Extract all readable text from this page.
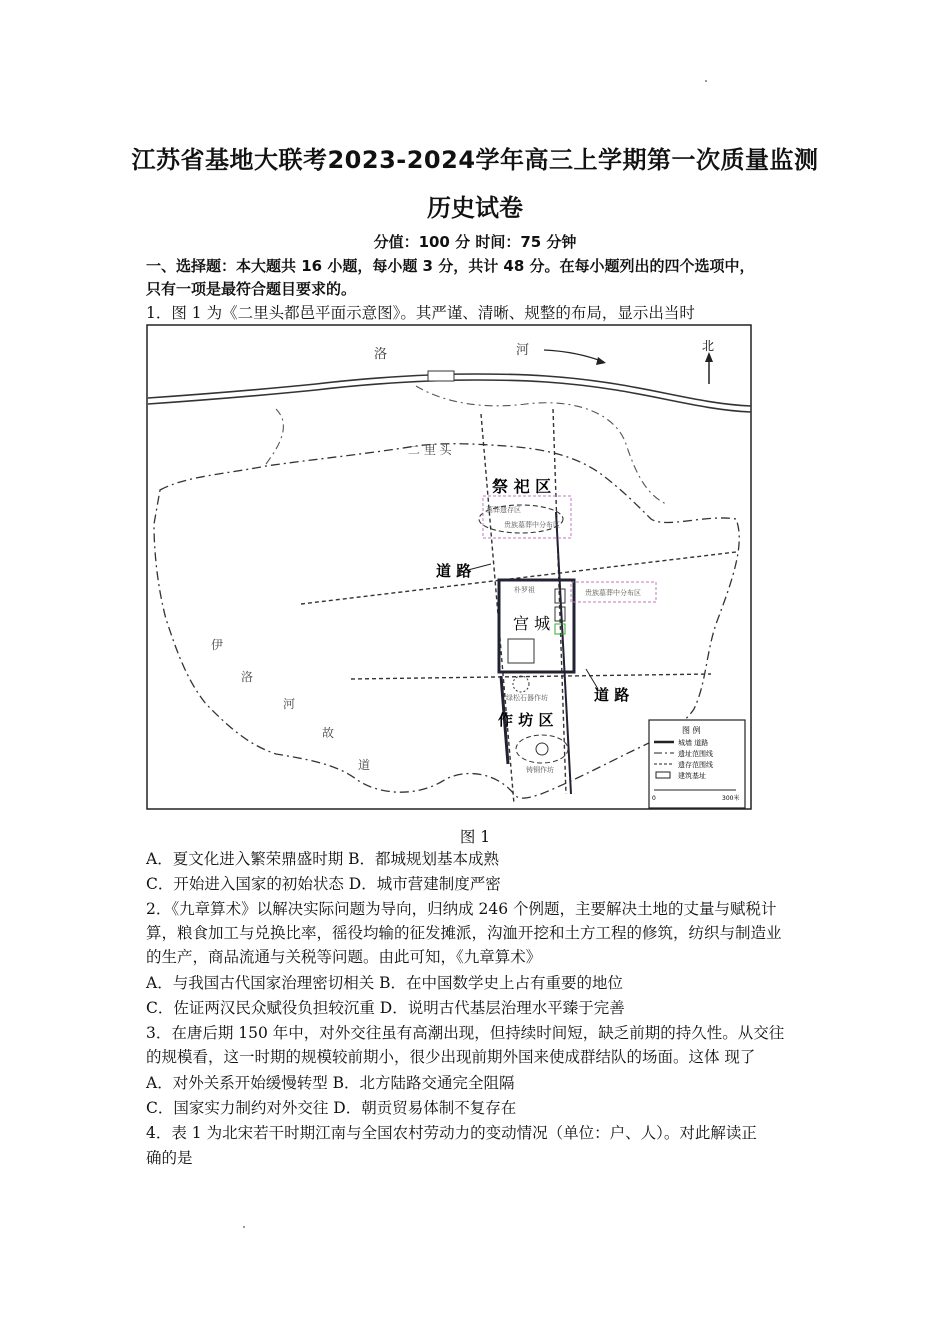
江苏省基地大联考2023-2024学年高三上学期第一次质量监测
历史试卷
分值：100 分 时间：75 分钟
一、选择题：本大题共 16 小题，每小题 3 分，共计 48 分。在每小题列出的四个选项中，
只有一项是最符合题目要求的。
1．图 1 为《二里头都邑平面示意图》。其严谨、清晰、规整的布局，显示出当时
北
洛	河
二 里 头
祭 祀 区
墓葬遗存区
贵族墓葬中分布区
道 路
朴罗祖
宫 城
贵族墓葬中分布区
绿松石器作坊	道 路
作 坊 区
铸铜作坊
伊
洛
河
故
道
图 例
城墙 道路
遗址范围线
遗存范围线
建筑基址
0	300米
图 1
A．夏文化进入繁荣鼎盛时期 B．都城规划基本成熟
C．开始进入国家的初始状态 D．城市营建制度严密
2．《九章算术》以解决实际问题为导向，归纳成 246 个例题，主要解决土地的丈量与赋税计
算，粮食加工与兑换比率，徭役均输的征发摊派，沟洫开挖和土方工程的修筑，纺织与制造业
的生产，商品流通与关税等问题。由此可知，《九章算术》
A．与我国古代国家治理密切相关 B．在中国数学史上占有重要的地位
C．佐证两汉民众赋役负担较沉重 D．说明古代基层治理水平臻于完善
3．在唐后期 150 年中，对外交往虽有高潮出现，但持续时间短，缺乏前期的持久性。从交往
的规模看，这一时期的规模较前期小，很少出现前期外国来使成群结队的场面。这体 现了
A．对外关系开始缓慢转型 B．北方陆路交通完全阻隔
C．国家实力制约对外交往 D．朝贡贸易体制不复存在
4．表 1 为北宋若干时期江南与全国农村劳动力的变动情况（单位：户、人）。对此解读正
确的是
